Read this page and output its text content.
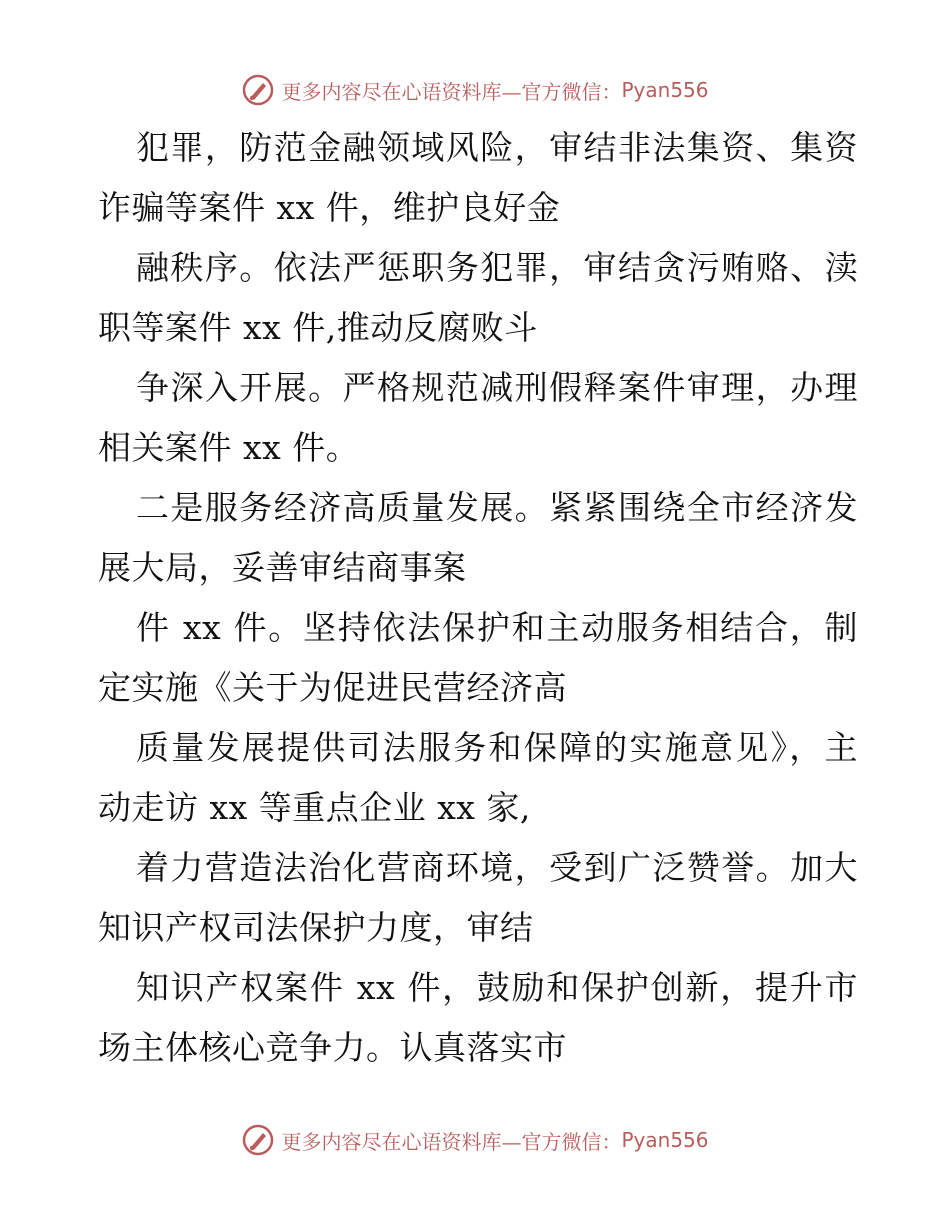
更多内容尽在心语资料库—官方微信： Pyan556
犯罪，防范金融领域风险，审结非法集资、集资
诈骗等案件 xx 件，维护良好金
融秩序。依法严惩职务犯罪，审结贪污贿赂、渎
职等案件 xx 件,推动反腐败斗
争深入开展。严格规范减刑假释案件审理，办理
相关案件 xx 件。
二是服务经济高质量发展。紧紧围绕全市经济发
展大局，妥善审结商事案
件 xx 件。坚持依法保护和主动服务相结合，制
定实施《关于为促进民营经济高
质量发展提供司法服务和保障的实施意见》，主
动走访 xx 等重点企业 xx 家,
着力营造法治化营商环境，受到广泛赞誉。加大
知识产权司法保护力度，审结
知识产权案件 xx 件，鼓励和保护创新，提升市
场主体核心竞争力。认真落实市
更多内容尽在心语资料库—官方微信： Pyan556
